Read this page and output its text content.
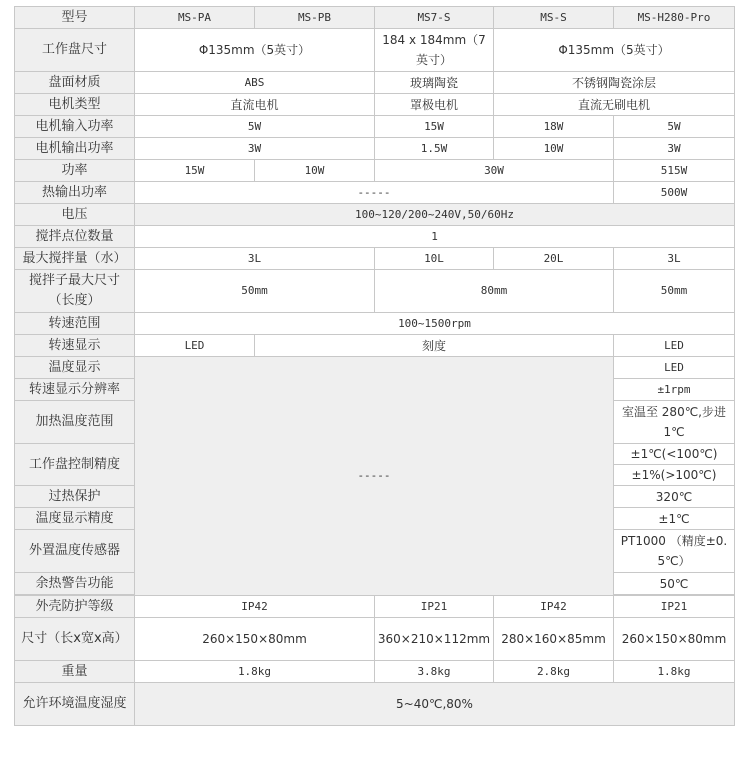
型号	MS-PA	MS-PB	MS7-S	MS-S	MS-H280-Pro
工作盘尺寸	Φ135mm（5英寸）		184 x 184mm（7英寸）	Φ135mm（5英寸）	
盘面材质	ABS		玻璃陶瓷	不锈钢陶瓷涂层	
电机类型	直流电机		罩极电机	直流无刷电机	
电机输入功率	5W		15W	18W	5W
电机输出功率	3W		1.5W	10W	3W
功率	15W	10W	30W		515W
热输出功率	-----				500W
电压	100~120/200~240V,50/60Hz				
搅拌点位数量	1				
最大搅拌量（水）	3L		10L	20L	3L
搅拌子最大尺寸（长度）	50mm		80mm		50mm
转速范围	100~1500rpm				
转速显示	LED	刻度			LED
温度显示	-----				LED
转速显示分辨率					±1rpm
加热温度范围					室温至 280℃,步进1℃
工作盘控制精度					±1℃(<100℃)
					±1%(>100℃)
过热保护					320℃
温度显示精度					±1℃
外置温度传感器					PT1000 （精度±0.5℃）
余热警告功能					50℃

外壳防护等级	IP42		IP21	IP42	IP21
尺寸（长x宽x高）	260×150×80mm		360×210×112mm	280×160×85mm	260×150×80mm
重量	1.8kg		3.8kg	2.8kg	1.8kg
允许环境温度湿度	5~40℃,80%				
